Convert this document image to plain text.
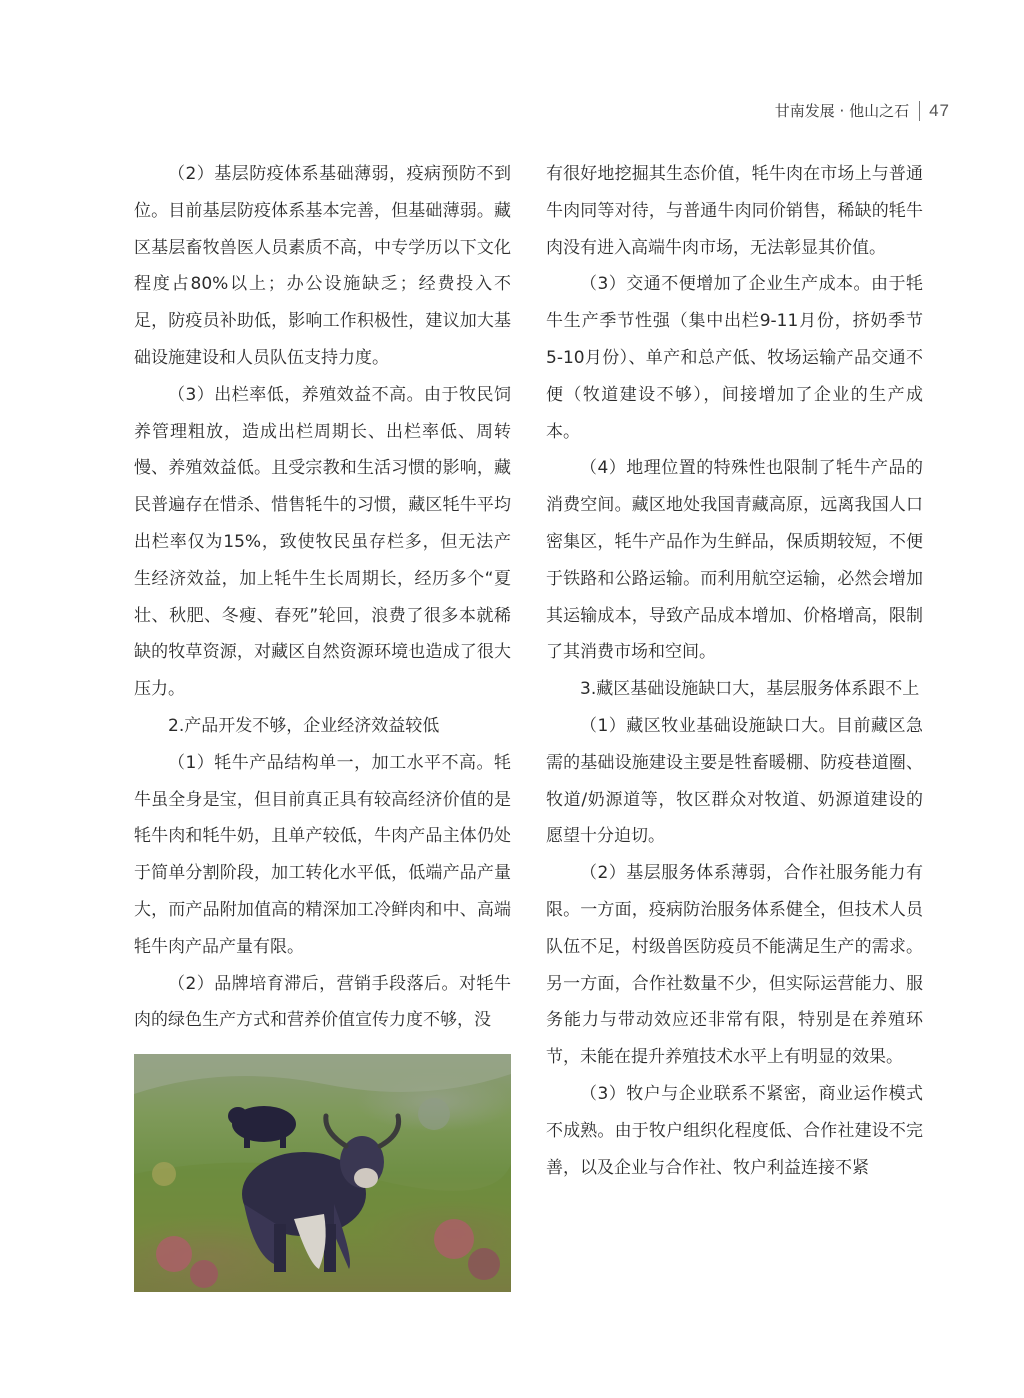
甘南发展 · 他山之石 47

（2）基层防疫体系基础薄弱，疫病预防不到位。目前基层防疫体系基本完善，但基础薄弱。藏区基层畜牧兽医人员素质不高，中专学历以下文化程度占80%以上；办公设施缺乏；经费投入不足，防疫员补助低，影响工作积极性，建议加大基础设施建设和人员队伍支持力度。

（3）出栏率低，养殖效益不高。由于牧民饲养管理粗放，造成出栏周期长、出栏率低、周转慢、养殖效益低。且受宗教和生活习惯的影响，藏民普遍存在惜杀、惜售牦牛的习惯，藏区牦牛平均出栏率仅为15%，致使牧民虽存栏多，但无法产生经济效益，加上牦牛生长周期长，经历多个“夏壮、秋肥、冬瘦、春死”轮回，浪费了很多本就稀缺的牧草资源，对藏区自然资源环境也造成了很大压力。

2.产品开发不够，企业经济效益较低

（1）牦牛产品结构单一，加工水平不高。牦牛虽全身是宝，但目前真正具有较高经济价值的是牦牛肉和牦牛奶，且单产较低，牛肉产品主体仍处于简单分割阶段，加工转化水平低，低端产品产量大，而产品附加值高的精深加工冷鲜肉和中、高端牦牛肉产品产量有限。

（2）品牌培育滞后，营销手段落后。对牦牛肉的绿色生产方式和营养价值宣传力度不够，没

有很好地挖掘其生态价值，牦牛肉在市场上与普通牛肉同等对待，与普通牛肉同价销售，稀缺的牦牛肉没有进入高端牛肉市场，无法彰显其价值。

（3）交通不便增加了企业生产成本。由于牦牛生产季节性强（集中出栏9-11月份，挤奶季节5-10月份）、单产和总产低、牧场运输产品交通不便（牧道建设不够），间接增加了企业的生产成本。

（4）地理位置的特殊性也限制了牦牛产品的消费空间。藏区地处我国青藏高原，远离我国人口密集区，牦牛产品作为生鲜品，保质期较短，不便于铁路和公路运输。而利用航空运输，必然会增加其运输成本，导致产品成本增加、价格增高，限制了其消费市场和空间。

3.藏区基础设施缺口大，基层服务体系跟不上

（1）藏区牧业基础设施缺口大。目前藏区急需的基础设施建设主要是牲畜暖棚、防疫巷道圈、牧道/奶源道等，牧区群众对牧道、奶源道建设的愿望十分迫切。

（2）基层服务体系薄弱，合作社服务能力有限。一方面，疫病防治服务体系健全，但技术人员队伍不足，村级兽医防疫员不能满足生产的需求。另一方面，合作社数量不少，但实际运营能力、服务能力与带动效应还非常有限，特别是在养殖环节，未能在提升养殖技术水平上有明显的效果。

（3）牧户与企业联系不紧密，商业运作模式不成熟。由于牧户组织化程度低、合作社建设不完善，以及企业与合作社、牧户利益连接不紧
